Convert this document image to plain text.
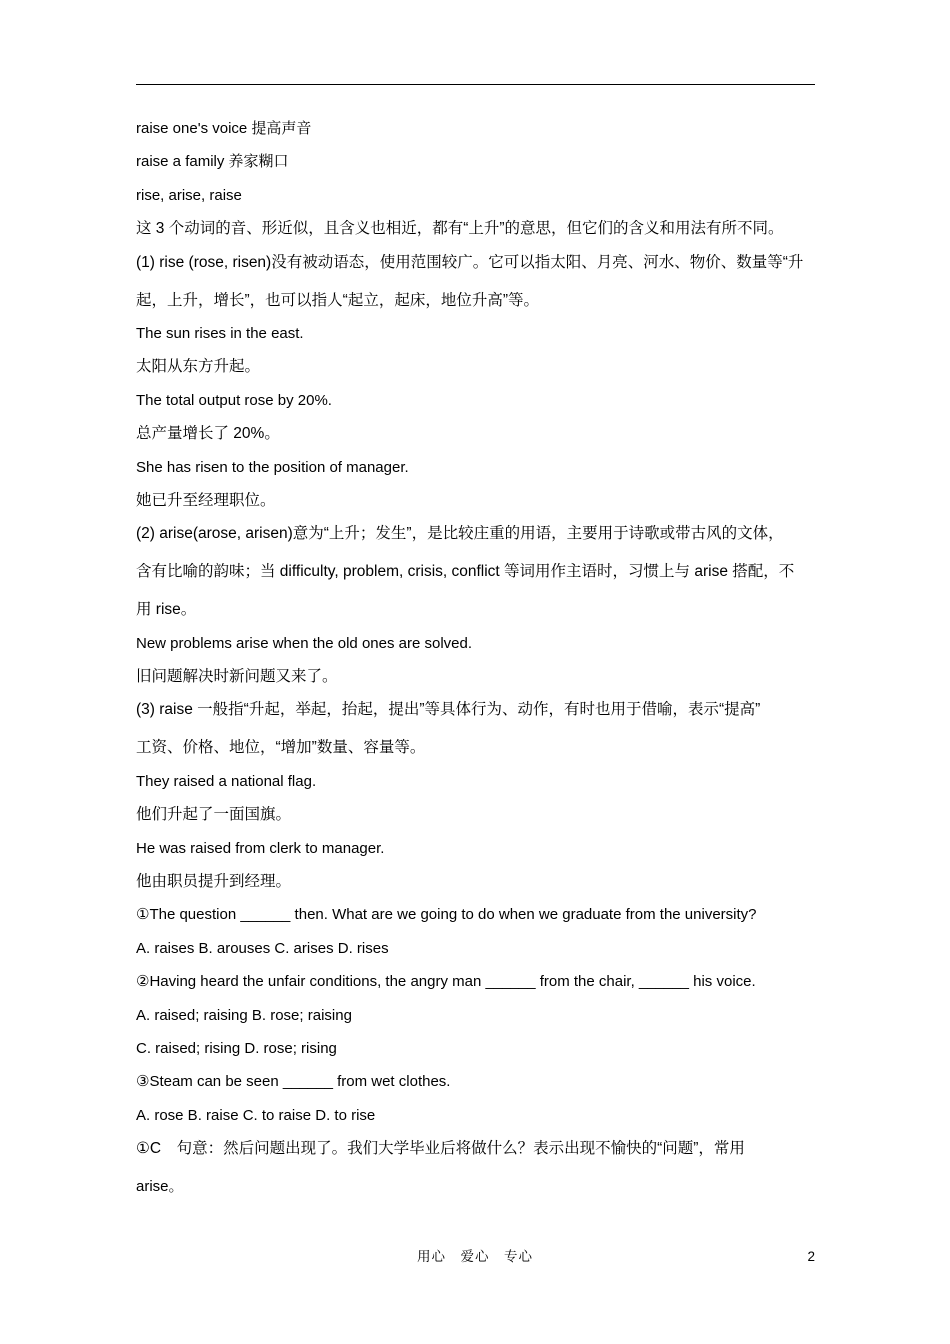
raise one's voice 提高声音
raise a family 养家糊口
rise, arise, raise
这 3 个动词的音、形近似，且含义也相近，都有“上升”的意思，但它们的含义和用法有所不同。
(1) rise (rose, risen)没有被动语态，使用范围较广。它可以指太阳、月亮、河水、物价、数量等“升
起，上升，增长”，也可以指人“起立，起床，地位升高”等。
The sun rises in the east.
太阳从东方升起。
The total output rose by 20%.
总产量增长了 20%。
She has risen to the position of manager.
她已升至经理职位。
(2) arise(arose, arisen)意为“上升；发生”，是比较庄重的用语，主要用于诗歌或带古风的文体，
含有比喻的韵味；当 difficulty, problem, crisis, conflict 等词用作主语时，习惯上与 arise 搭配，不
用 rise。
New problems arise when the old ones are solved.
旧问题解决时新问题又来了。
(3) raise 一般指“升起，举起，抬起，提出”等具体行为、动作，有时也用于借喻，表示“提高”
工资、价格、地位，“增加”数量、容量等。
They raised a national flag.
他们升起了一面国旗。
He was raised from clerk to manager.
他由职员提升到经理。
①The question ______ then. What are we going to do when we graduate from the university?
A. raises B. arouses C. arises D. rises
②Having heard the unfair conditions, the angry man ______ from the chair, ______ his voice.
A. raised; raising B. rose; raising
C. raised; rising D. rose; rising
③Steam can be seen ______ from wet clothes.
A. rose B. raise C. to raise D. to rise
①C　句意：然后问题出现了。我们大学毕业后将做什么？表示出现不愉快的“问题”，常用
arise。
用心　爱心　专心	2
